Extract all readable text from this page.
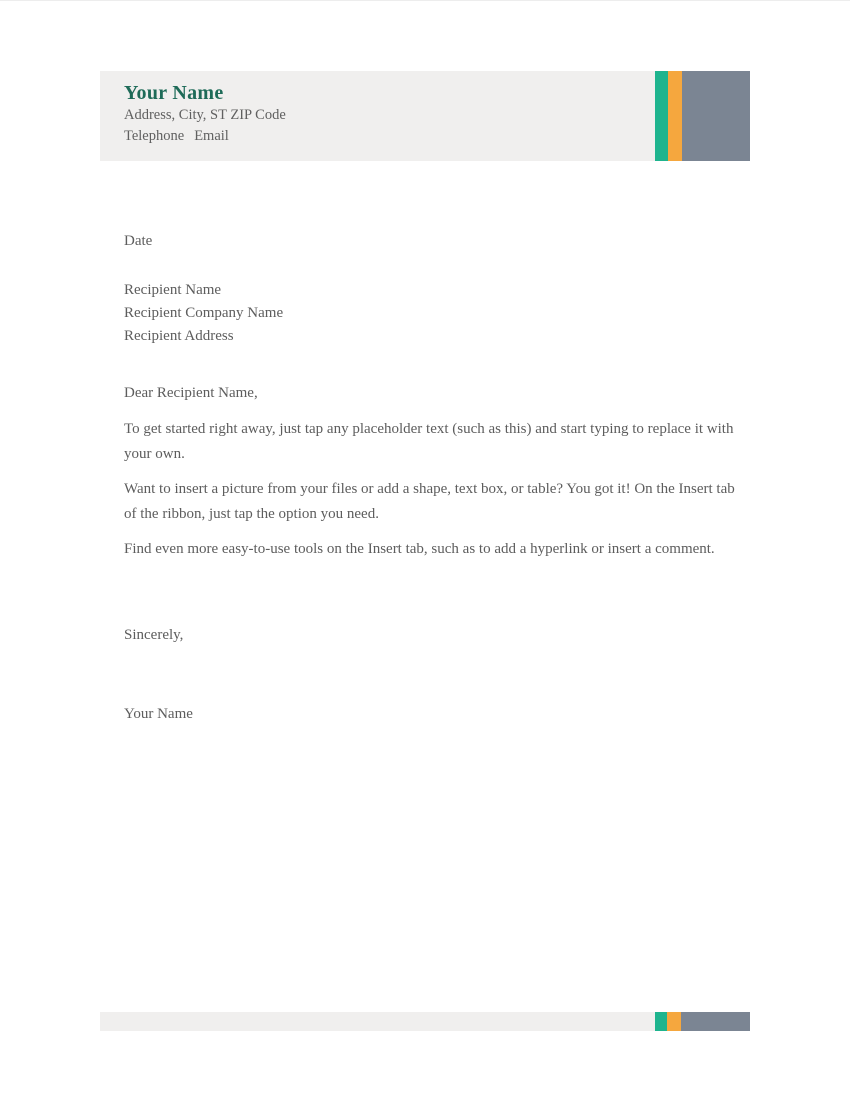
Your Name
Address, City, ST ZIP Code
Telephone Email
Date
Recipient Name
Recipient Company Name
Recipient Address
Dear Recipient Name,
To get started right away, just tap any placeholder text (such as this) and start typing to replace it with your own.
Want to insert a picture from your files or add a shape, text box, or table? You got it! On the Insert tab of the ribbon, just tap the option you need.
Find even more easy-to-use tools on the Insert tab, such as to add a hyperlink or insert a comment.
Sincerely,
Your Name
